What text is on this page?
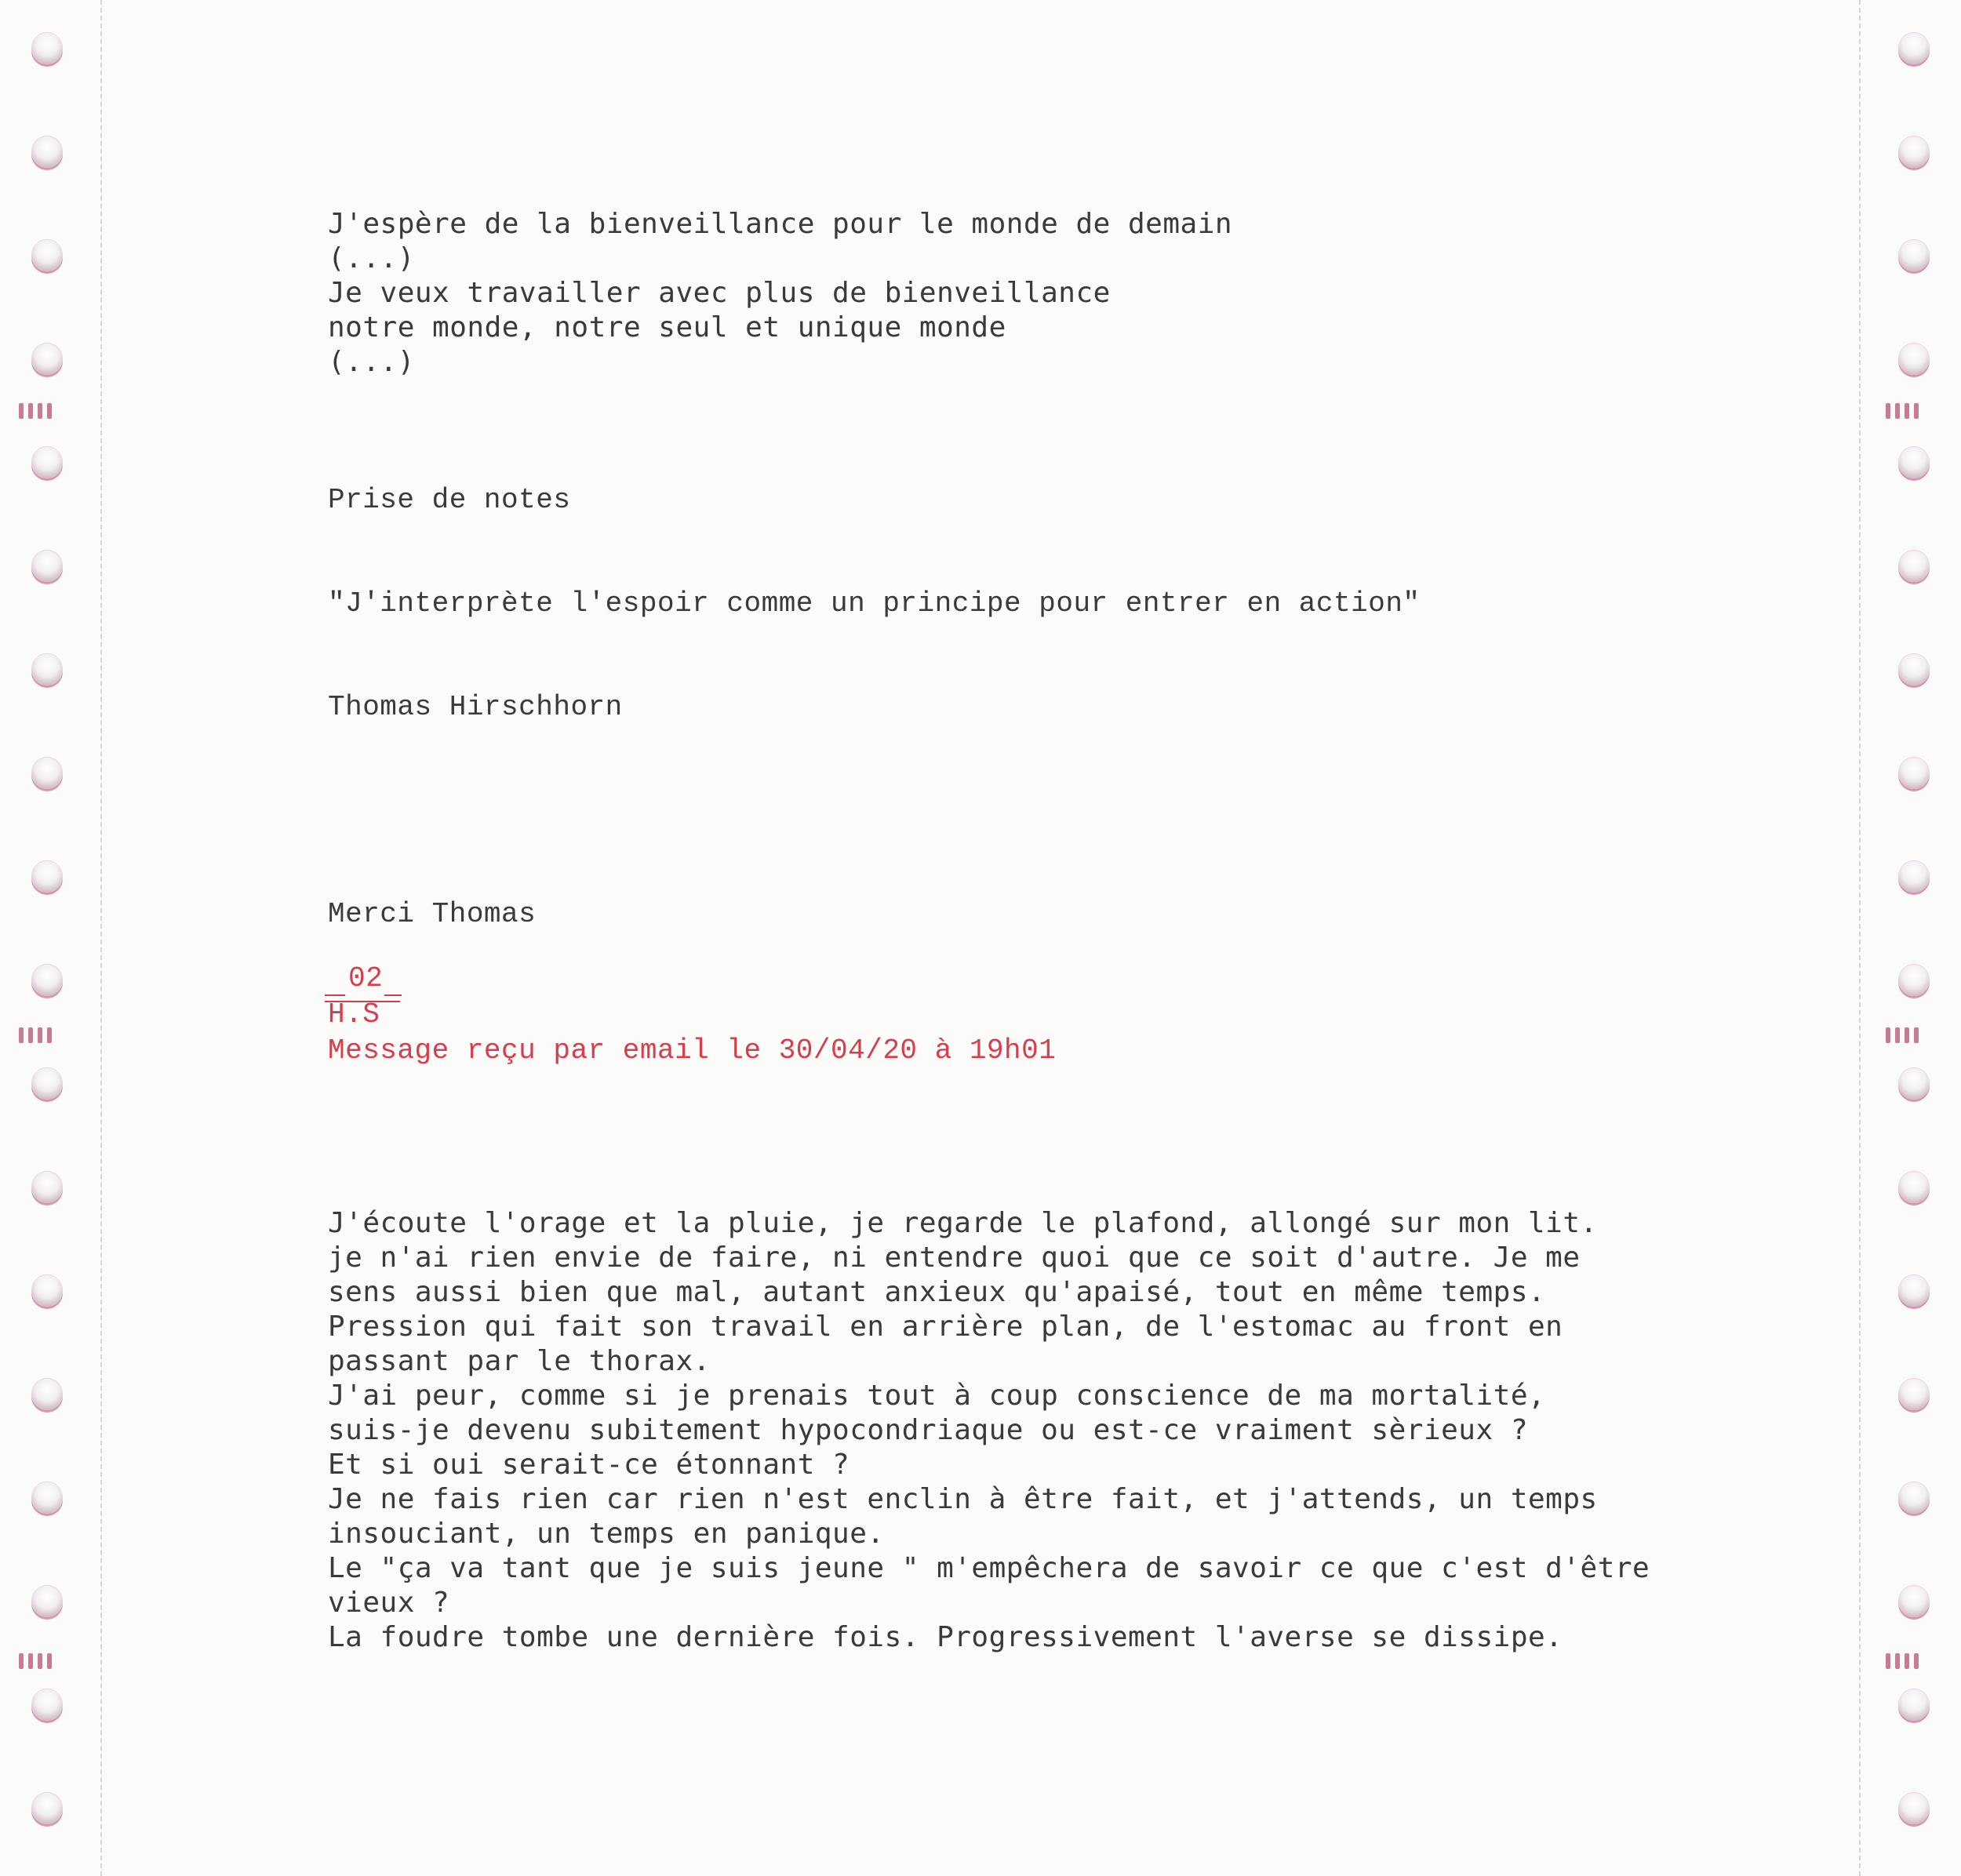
J'espère de la bienveillance pour le monde de demain
(...)
Je veux travailler avec plus de bienveillance
notre monde, notre seul et unique monde
(...)

Prise de notes

"J'interprète l'espoir comme un principe pour entrer en action"

Thomas Hirschhorn

Merci Thomas

02
H.S
Message reçu par email le 30/04/20 à 19h01
J'écoute l'orage et la pluie, je regarde le plafond, allongé sur mon lit.
je n'ai rien envie de faire, ni entendre quoi que ce soit d'autre. Je me
sens aussi bien que mal, autant anxieux qu'apaisé, tout en même temps.
Pression qui fait son travail en arrière plan, de l'estomac au front en
passant par le thorax.
J'ai peur, comme si je prenais tout à coup conscience de ma mortalité,
suis-je devenu subitement hypocondriaque ou est-ce vraiment sèrieux ?
Et si oui serait-ce étonnant ?
Je ne fais rien car rien n'est enclin à être fait, et j'attends, un temps
insouciant, un temps en panique.
Le "ça va tant que je suis jeune " m'empêchera de savoir ce que c'est d'être
vieux ?
La foudre tombe une dernière fois. Progressivement l'averse se dissipe.
